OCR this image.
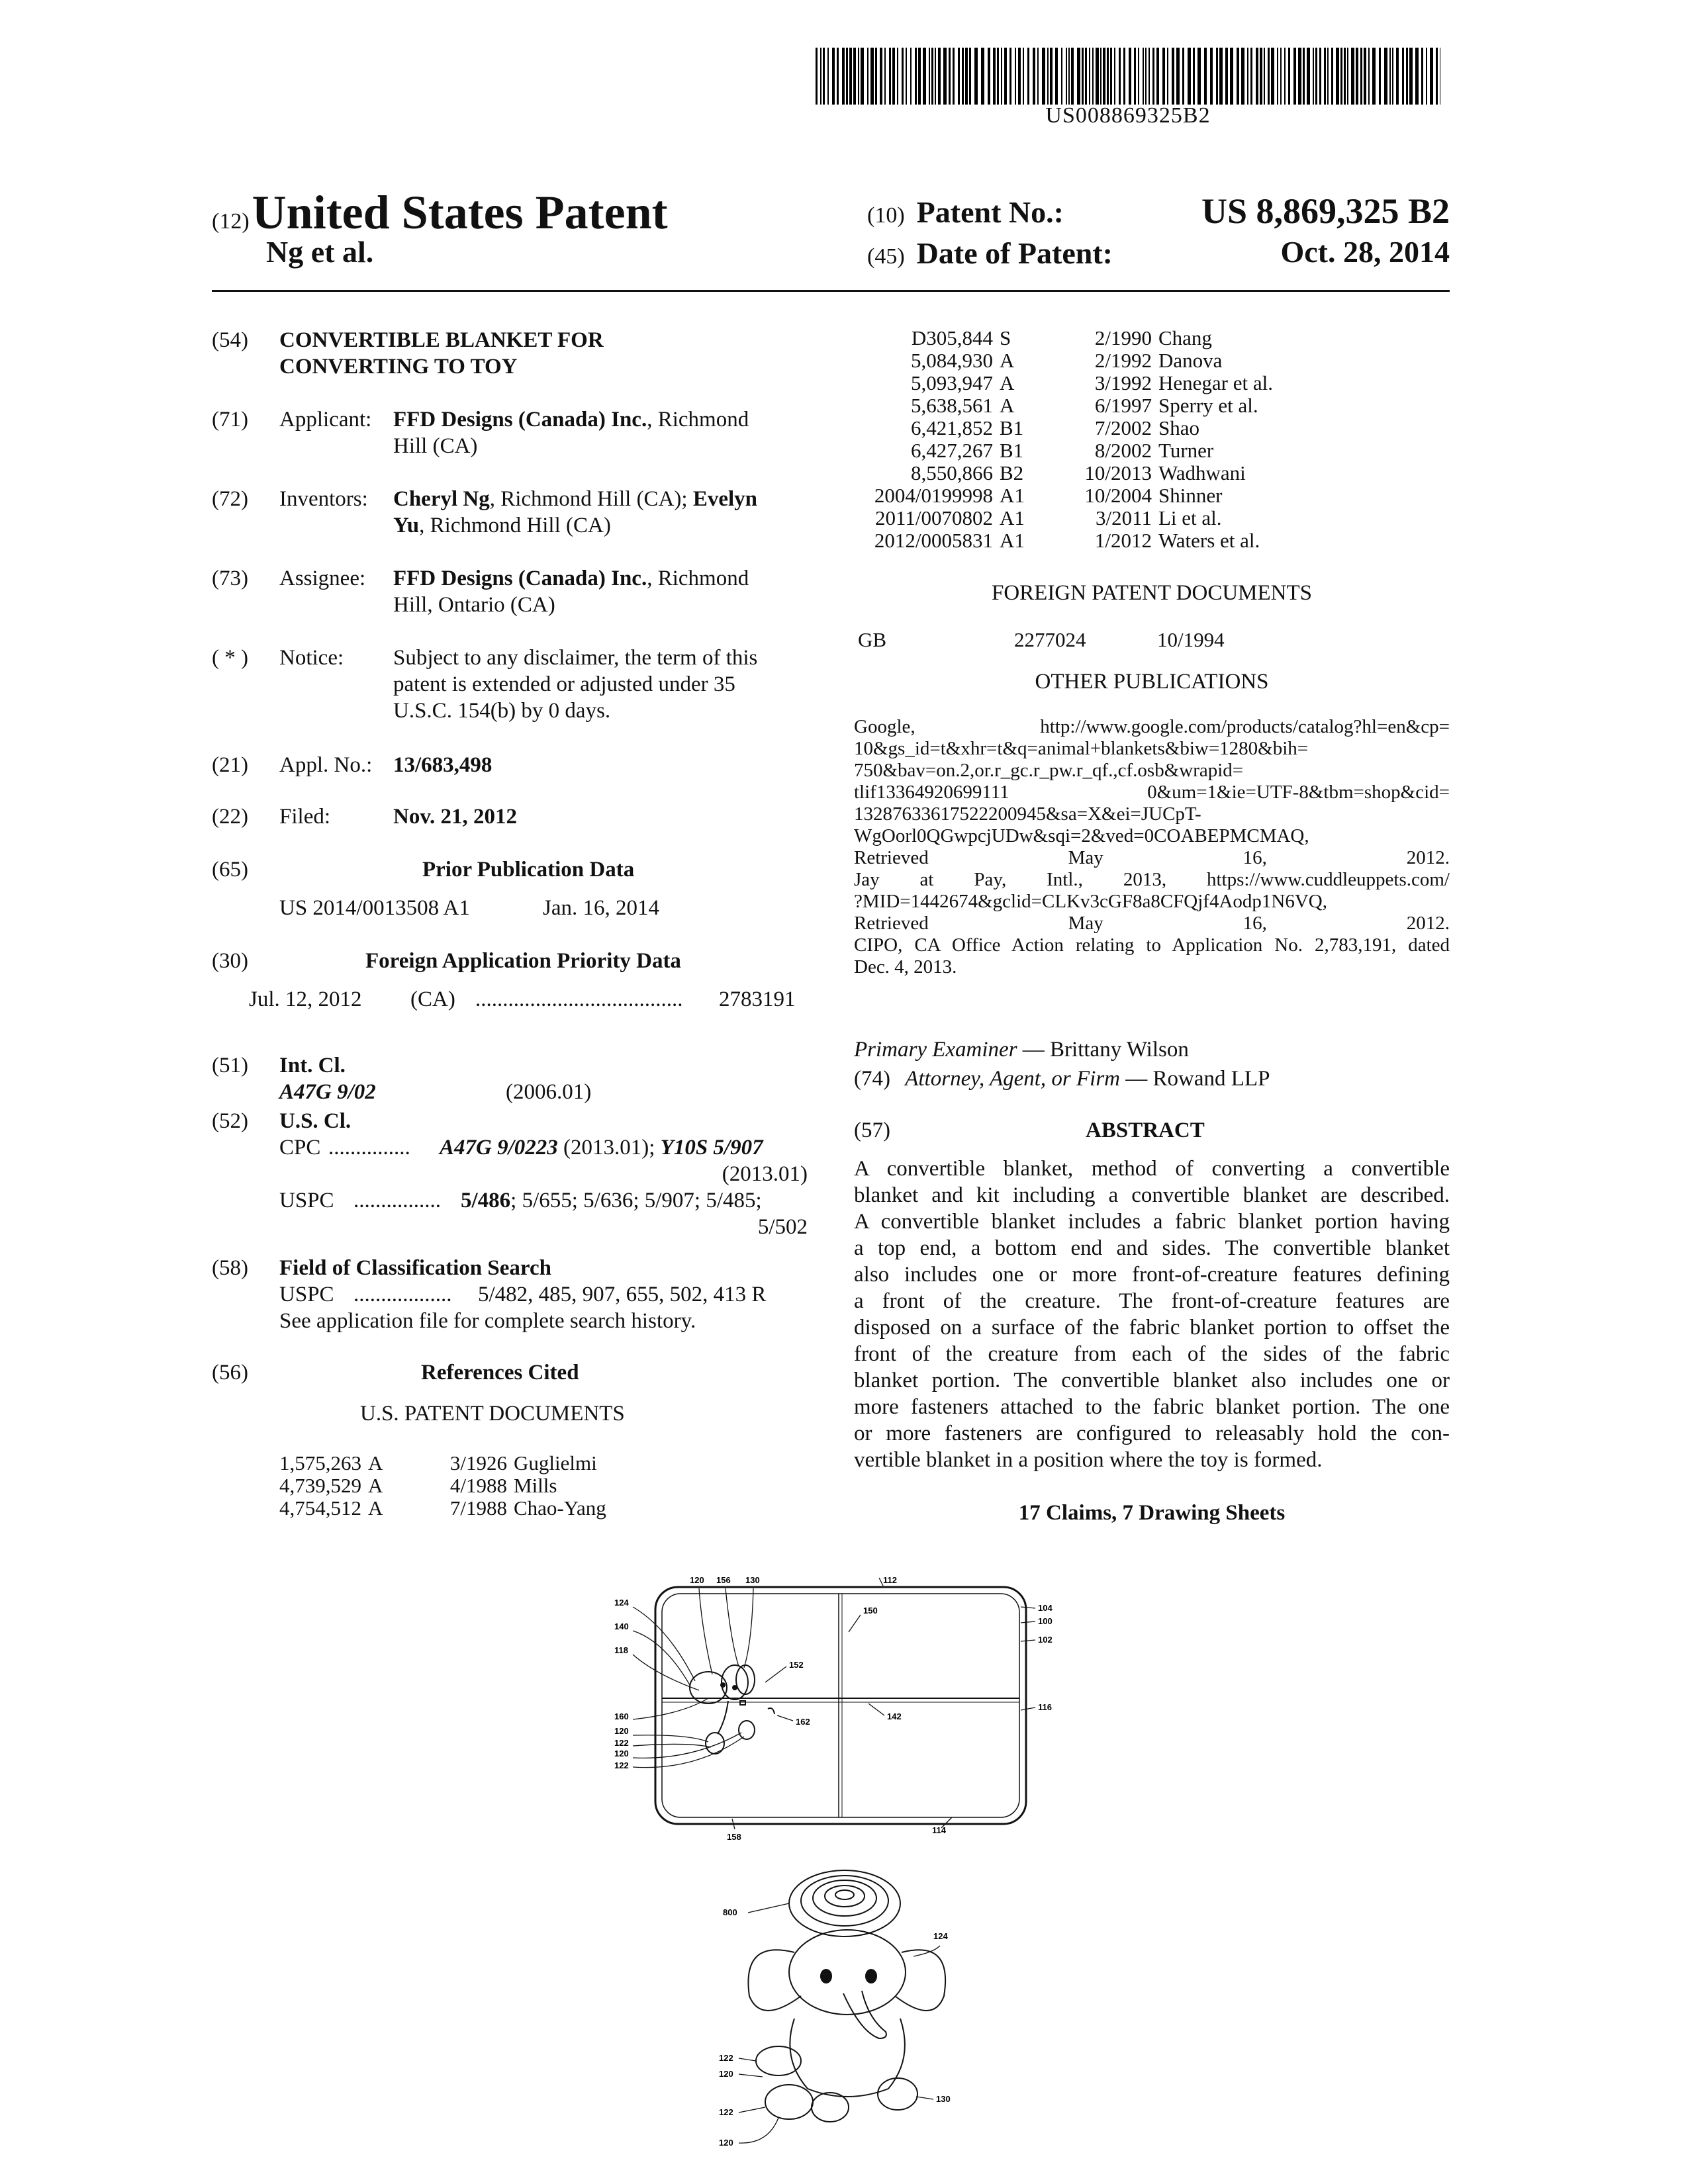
US008869325B2
(12) United States Patent
Ng et al.
(10) Patent No.:	US 8,869,325 B2
(45) Date of Patent:	Oct. 28, 2014
(54) CONVERTIBLE BLANKET FOR
CONVERTING TO TOY
(71) Applicant: FFD Designs (Canada) Inc., Richmond
Hill (CA)
(72) Inventors: Cheryl Ng, Richmond Hill (CA); Evelyn
Yu, Richmond Hill (CA)
(73) Assignee: FFD Designs (Canada) Inc., Richmond
Hill, Ontario (CA)
( * ) Notice: Subject to any disclaimer, the term of this
patent is extended or adjusted under 35
U.S.C. 154(b) by 0 days.
(21) Appl. No.: 13/683,498
(22) Filed:	Nov. 21, 2012
(65)	Prior Publication Data
US 2014/0013508 A1	Jan. 16, 2014
(30)	Foreign Application Priority Data
Jul. 12, 2012 (CA) ...................................... 2783191
(51) Int. Cl.
A47G 9/02	(2006.01)
(52) U.S. Cl.
CPC ............... A47G 9/0223 (2013.01); Y10S 5/907
(2013.01)
USPC ................ 5/486; 5/655; 5/636; 5/907; 5/485;
5/502
(58) Field of Classification Search
USPC .................. 5/482, 485, 907, 655, 502, 413 R
See application file for complete search history.
(56)	References Cited
U.S. PATENT DOCUMENTS
1,575,263	A	3/1926	Guglielmi
4,739,529	A	4/1988	Mills
4,754,512	A	7/1988	Chao-Yang
D305,844	S	2/1990	Chang
5,084,930	A	2/1992	Danova
5,093,947	A	3/1992	Henegar et al.
5,638,561	A	6/1997	Sperry et al.
6,421,852	B1	7/2002	Shao
6,427,267	B1	8/2002	Turner
8,550,866	B2	10/2013	Wadhwani
2004/0199998	A1	10/2004	Shinner
2011/0070802	A1	3/2011	Li et al.
2012/0005831	A1	1/2012	Waters et al.
FOREIGN PATENT DOCUMENTS
GB	2277024	10/1994
OTHER PUBLICATIONS
Google, http://www.google.com/products/catalog?hl=en&cp=
10&gs_id=t&xhr=t&q=animal+blankets&biw=1280&bih=
750&bav=on.2,or.r_gc.r_pw.r_qf.,cf.osb&wrapid=
tlif13364920699111 0&um=1&ie=UTF-8&tbm=shop&cid=
13287633617522200945&sa=X&ei=JUCpT-
WgOorl0QGwpcjUDw&sqi=2&ved=0COABEPMCMAQ,
Retrieved May 16, 2012.
Jay at Pay, Intl., 2013, https://www.cuddleuppets.com/
?MID=1442674&gclid=CLKv3cGF8a8CFQjf4Aodp1N6VQ,
Retrieved May 16, 2012.
CIPO, CA Office Action relating to Application No. 2,783,191, dated
Dec. 4, 2013.
Primary Examiner — Brittany Wilson
(74) Attorney, Agent, or Firm — Rowand LLP
(57)	ABSTRACT
A convertible blanket, method of converting a convertible
blanket and kit including a convertible blanket are described.
A convertible blanket includes a fabric blanket portion having
a top end, a bottom end and sides. The convertible blanket
also includes one or more front-of-creature features defining
a front of the creature. The front-of-creature features are
disposed on a surface of the fabric blanket portion to offset the
front of the creature from each of the sides of the fabric
blanket portion. The convertible blanket also includes one or
more fasteners attached to the fabric blanket portion. The one
or more fasteners are configured to releasably hold the con-
vertible blanket in a position where the toy is formed.
17 Claims, 7 Drawing Sheets
120 156 130	112
124
140
118
160
120
122
120
122
104
100
102
116
150
152
162
142
158
114
800
122
120
122
120
124
130
